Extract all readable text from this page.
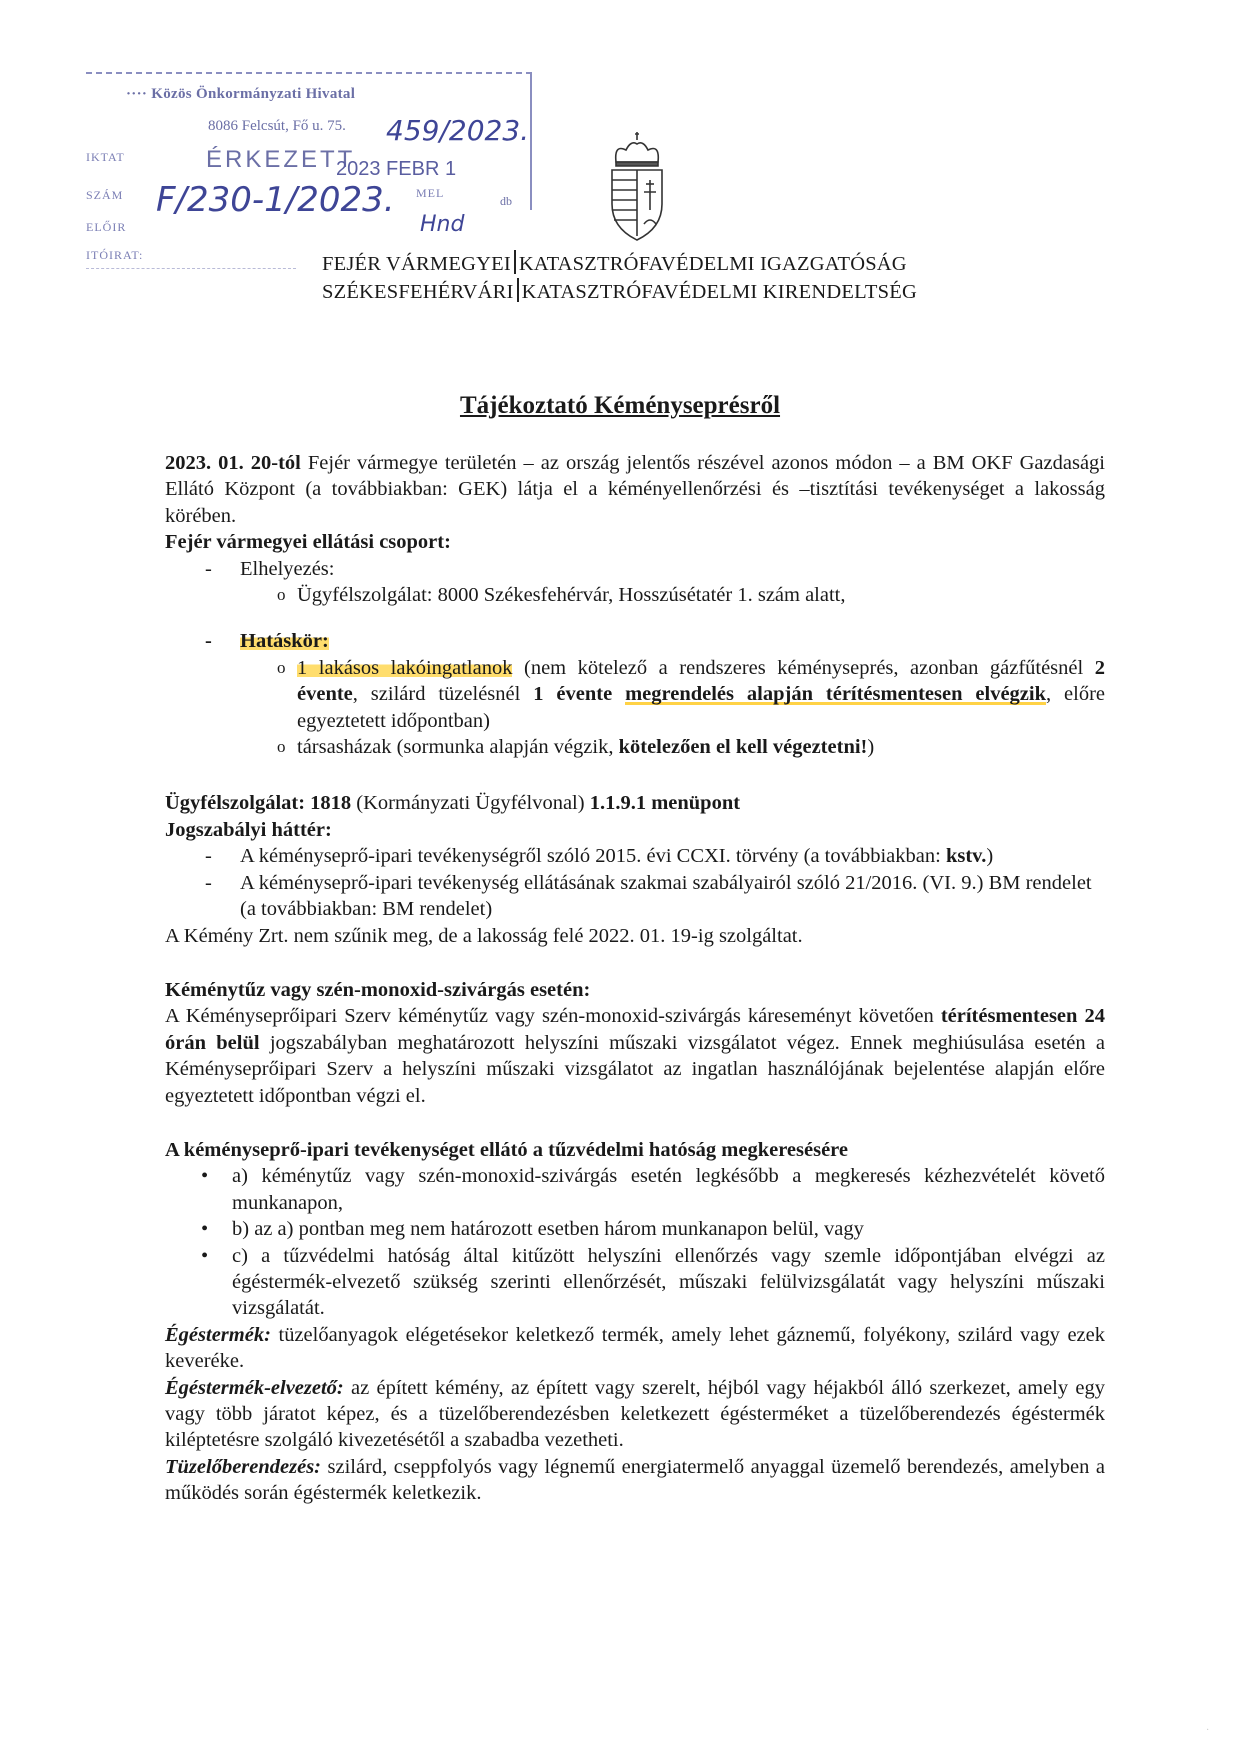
···· Közös Önkormányzati Hivatal
8086 Felcsút, Fő u. 75. 459/2023.
IKTAT	ÉRKEZETT
2023 FEBR 1
SZÁM F/230-1/2023. MEL
db
ELŐIR	Hnd
ITÓIRAT:	FEJÉR VÁRMEGYEI KATASZTRÓFAVÉDELMI IGAZGATÓSÁG
SZÉKESFEHÉRVÁRI KATASZTRÓFAVÉDELMI KIRENDELTSÉG
Tájékoztató Kéményseprésről

2023. 01. 20-tól Fejér vármegye területén – az ország jelentős részével azonos módon – a BM OKF Gazdasági Ellátó Központ (a továbbiakban: GEK) látja el a kéményellenőrzési és –tisztítási tevékenységet a lakosság körében.

Fejér vármegyei ellátási csoport:

- Elhelyezés:

o Ügyfélszolgálat: 8000 Székesfehérvár, Hosszúsétatér 1. szám alatt,

- Hatáskör:

o 1 lakásos lakóingatlanok (nem kötelező a rendszeres kéményseprés, azonban gázfűtésnél 2 évente, szilárd tüzelésnél 1 évente megrendelés alapján térítésmentesen elvégzik, előre egyeztetett időpontban)

o társasházak (sormunka alapján végzik, kötelezően el kell végeztetni!)

Ügyfélszolgálat: 1818 (Kormányzati Ügyfélvonal) 1.1.9.1 menüpont

Jogszabályi háttér:

- A kéményseprő-ipari tevékenységről szóló 2015. évi CCXI. törvény (a továbbiakban: kstv.)

- A kéményseprő-ipari tevékenység ellátásának szakmai szabályairól szóló 21/2016. (VI. 9.) BM rendelet (a továbbiakban: BM rendelet)

A Kémény Zrt. nem szűnik meg, de a lakosság felé 2022. 01. 19-ig szolgáltat.

Kéménytűz vagy szén-monoxid-szivárgás esetén:

A Kéményseprőipari Szerv kéménytűz vagy szén-monoxid-szivárgás káreseményt követően térítésmentesen 24 órán belül jogszabályban meghatározott helyszíni műszaki vizsgálatot végez. Ennek meghiúsulása esetén a Kéményseprőipari Szerv a helyszíni műszaki vizsgálatot az ingatlan használójának bejelentése alapján előre egyeztetett időpontban végzi el.

A kéményseprő-ipari tevékenységet ellátó a tűzvédelmi hatóság megkeresésére

• a) kéménytűz vagy szén-monoxid-szivárgás esetén legkésőbb a megkeresés kézhezvételét követő munkanapon,

• b) az a) pontban meg nem határozott esetben három munkanapon belül, vagy

• c) a tűzvédelmi hatóság által kitűzött helyszíni ellenőrzés vagy szemle időpontjában elvégzi az égéstermék-elvezető szükség szerinti ellenőrzését, műszaki felülvizsgálatát vagy helyszíni műszaki vizsgálatát.

Égéstermék: tüzelőanyagok elégetésekor keletkező termék, amely lehet gáznemű, folyékony, szilárd vagy ezek keveréke.

Égéstermék-elvezető: az épített kémény, az épített vagy szerelt, héjból vagy héjakból álló szerkezet, amely egy vagy több járatot képez, és a tüzelőberendezésben keletkezett égésterméket a tüzelőberendezés égéstermék kiléptetésre szolgáló kivezetésétől a szabadba vezetheti.

Tüzelőberendezés: szilárd, cseppfolyós vagy légnemű energiatermelő anyaggal üzemelő berendezés, amelyben a működés során égéstermék keletkezik.

·
